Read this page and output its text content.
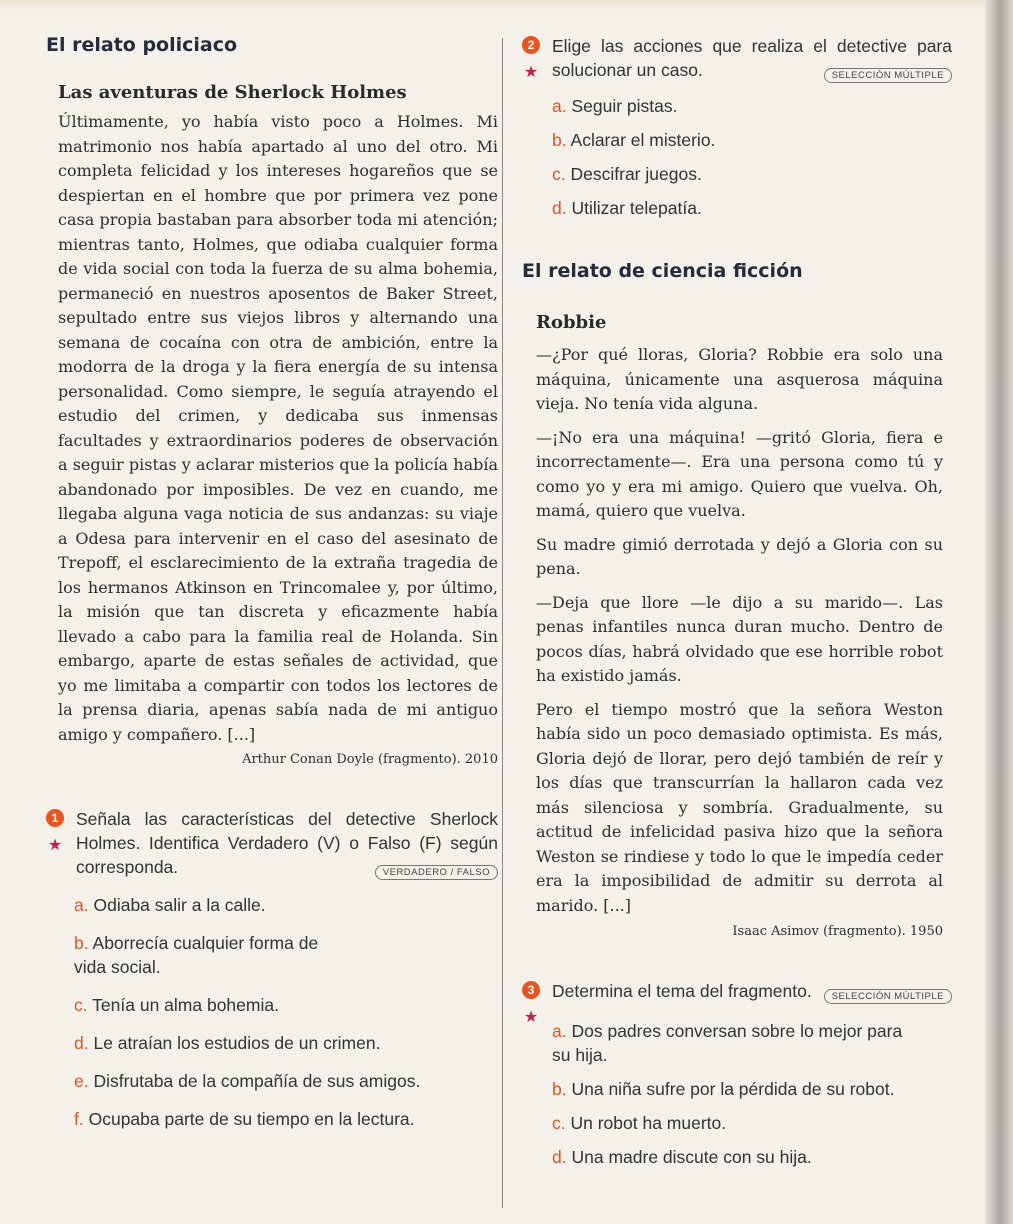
El relato policiaco
Las aventuras de Sherlock Holmes

Últimamente, yo había visto poco a Holmes. Mi matrimonio nos había apartado al uno del otro. Mi completa felicidad y los intereses hogareños que se despiertan en el hombre que por primera vez pone casa propia bastaban para absorber toda mi atención; mientras tanto, Holmes, que odiaba cualquier forma de vida social con toda la fuerza de su alma bohemia, permaneció en nuestros aposentos de Baker Street, sepultado entre sus viejos libros y alternando una semana de cocaína con otra de ambición, entre la modorra de la droga y la fiera energía de su intensa personalidad. Como siempre, le seguía atrayendo el estudio del crimen, y dedicaba sus inmensas facultades y extraordinarios poderes de observación a seguir pistas y aclarar misterios que la policía había abandonado por imposibles. De vez en cuando, me llegaba alguna vaga noticia de sus andanzas: su viaje a Odesa para intervenir en el caso del asesinato de Trepoff, el esclarecimiento de la extraña tragedia de los hermanos Atkinson en Trincomalee y, por último, la misión que tan discreta y eficazmente había llevado a cabo para la familia real de Holanda. Sin embargo, aparte de estas señales de actividad, que yo me limitaba a compartir con todos los lectores de la prensa diaria, apenas sabía nada de mi antiguo amigo y compañero. [...]

Arthur Conan Doyle (fragmento). 2010

1
★
Señala las características del detective Sherlock Holmes. Identifica Verdadero (V) o Falso (F) según corresponda.	VERDADERO / FALSO
a. Odiaba salir a la calle.
b. Aborrecía cualquier forma de vida social.
c. Tenía un alma bohemia.
d. Le atraían los estudios de un crimen.
e. Disfrutaba de la compañía de sus amigos.
f. Ocupaba parte de su tiempo en la lectura.
2
★
Elige las acciones que realiza el detective para solucionar un caso.	SELECCIÓN MÚLTIPLE
a. Seguir pistas.
b. Aclarar el misterio.
c. Descifrar juegos.
d. Utilizar telepatía.
El relato de ciencia ficción
Robbie

—¿Por qué lloras, Gloria? Robbie era solo una máquina, únicamente una asquerosa máquina vieja. No tenía vida alguna.

—¡No era una máquina! —gritó Gloria, fiera e incorrectamente—. Era una persona como tú y como yo y era mi amigo. Quiero que vuelva. Oh, mamá, quiero que vuelva.

Su madre gimió derrotada y dejó a Gloria con su pena.

—Deja que llore —le dijo a su marido—. Las penas infantiles nunca duran mucho. Dentro de pocos días, habrá olvidado que ese horrible robot ha existido jamás.

Pero el tiempo mostró que la señora Weston había sido un poco demasiado optimista. Es más, Gloria dejó de llorar, pero dejó también de reír y los días que transcurrían la hallaron cada vez más silenciosa y sombría. Gradualmente, su actitud de infelicidad pasiva hizo que la señora Weston se rindiese y todo lo que le impedía ceder era la imposibilidad de admitir su derrota al marido. [...]

Isaac Asimov (fragmento). 1950

3
★
Determina el tema del fragmento.	SELECCIÓN MÚLTIPLE
a. Dos padres conversan sobre lo mejor para su hija.
b. Una niña sufre por la pérdida de su robot.
c. Un robot ha muerto.
d. Una madre discute con su hija.
